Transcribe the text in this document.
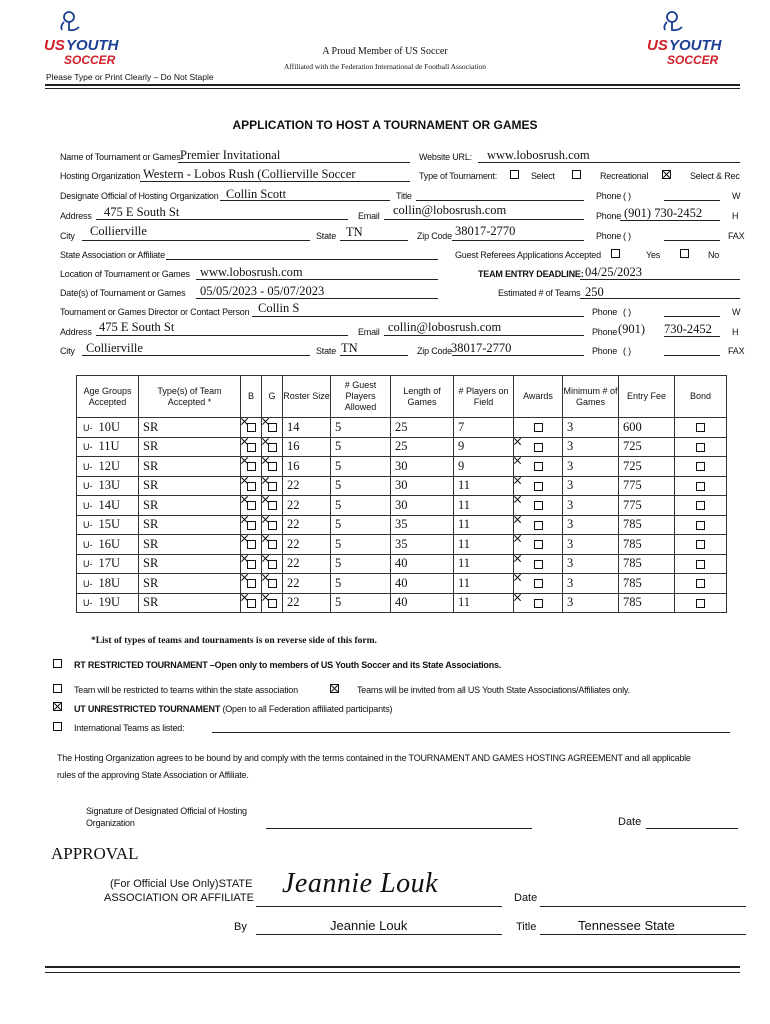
US YOUTH
SOCCER
US YOUTH
SOCCER
A Proud Member of US Soccer
Affiliated with the Federation International de Football Association
Please Type or Print Clearly – Do Not Staple
APPLICATION TO HOST A TOURNAMENT OR GAMES
Name of Tournament or Games Premier Invitational	Website URL: www.lobosrush.com
Hosting Organization Western - Lobos Rush (Collierville Soccer	Type of Tournament:	Select	Recreational	Select & Rec
Designate Official of Hosting Organization Collin Scott	Title	Phone ( )	W
Address 475 E South St	Email collin@lobosrush.com	Phone (901) 730-2452	H
City Collierville	State TN	Zip Code 38017-2770	Phone ( )	FAX
State Association or Affiliate	Guest Referees Applications Accepted	Yes	No
Location of Tournament or Games www.lobosrush.com	TEAM ENTRY DEADLINE: 04/25/2023
Date(s) of Tournament or Games 05/05/2023 - 05/07/2023	Estimated # of Teams 250
Tournament or Games Director or Contact Person Collin S	Phone ( )	W
Address 475 E South St	Email collin@lobosrush.com	Phone (901) 730-2452 H
City Collierville	State TN	Zip Code 38017-2770	Phone ( )	FAX
Age Groups Accepted	Type(s) of Team Accepted *	B	G	Roster Size	# Guest Players Allowed	Length of Games	# Players on Field	Awards	Minimum # of Games	Entry Fee	Bond
U- 10U	SR			14	5	25	7		3	600	
U- 11U	SR			16	5	25	9		3	725	
U- 12U	SR			16	5	30	9		3	725	
U- 13U	SR			22	5	30	11		3	775	
U- 14U	SR			22	5	30	11		3	775	
U- 15U	SR			22	5	35	11		3	785	
U- 16U	SR			22	5	35	11		3	785	
U- 17U	SR			22	5	40	11		3	785	
U- 18U	SR			22	5	40	11		3	785	
U- 19U	SR			22	5	40	11		3	785	
*List of types of teams and tournaments is on reverse side of this form.
RT RESTRICTED TOURNAMENT –Open only to members of US Youth Soccer and its State Associations.
Team will be restricted to teams within the state association	Teams will be invited from all US Youth State Associations/Affiliates only.
UT UNRESTRICTED TOURNAMENT (Open to all Federation affiliated participants)
International Teams as listed:
The Hosting Organization agrees to be bound by and comply with the terms contained in the TOURNAMENT AND GAMES HOSTING AGREEMENT and all applicable
rules of the approving State Association or Affiliate.
Signature of Designated Official of Hosting
Organization	Date
APPROVAL
(For Official Use Only)STATE
ASSOCIATION OR AFFILIATE Jeannie Louk	Date
By	Jeannie Louk	Title	Tennessee State
